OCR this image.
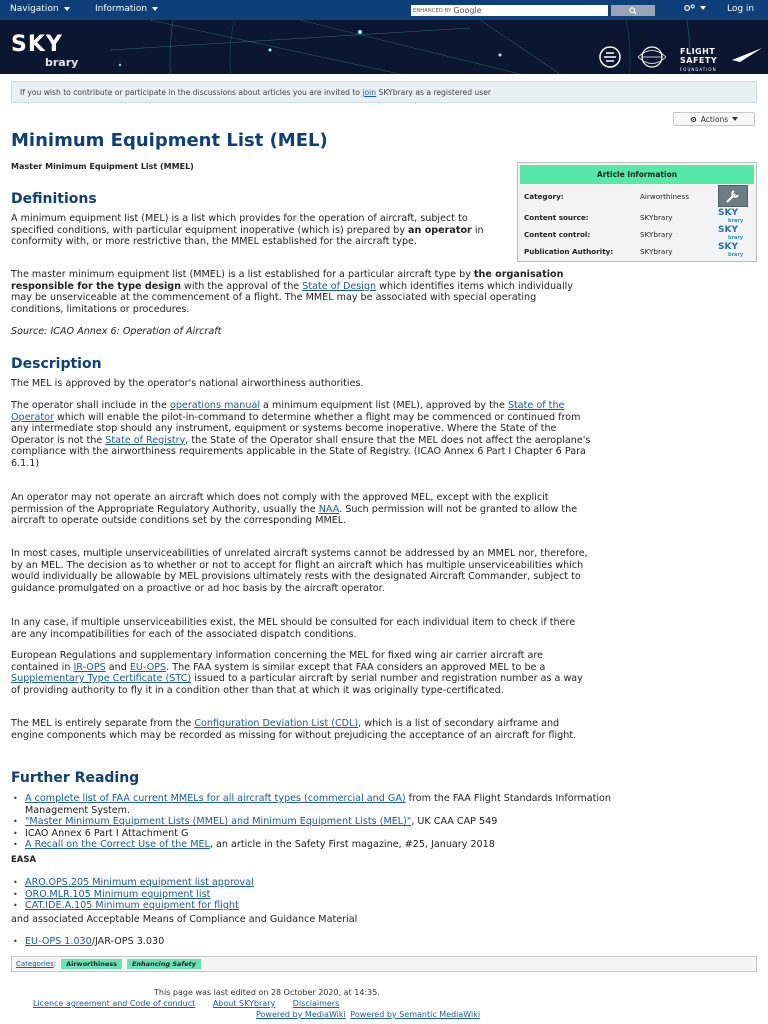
Navigation	Information	ENHANCED BY Google	Log in
SKY
brary
FLIGHT
SAFETY
FOUNDATION
If you wish to contribute or participate in the discussions about articles you are invited to join SKYbrary as a registered user
Actions
Minimum Equipment List (MEL)
Master Minimum Equipment List (MMEL)
Article Information
Category:	Airworthiness
Content source:	SKYbrary	SKY
brary
Content control:	SKYbrary	SKY
brary
Publication Authority:	SKYbrary	SKY
brary
Definitions
A minimum equipment list (MEL) is a list which provides for the operation of aircraft, subject to specified conditions, with particular equipment inoperative (which is) prepared by an operator in conformity with, or more restrictive than, the MMEL established for the aircraft type.
The master minimum equipment list (MMEL) is a list established for a particular aircraft type by the organisation responsible for the type design with the approval of the State of Design which identifies items which individually may be unserviceable at the commencement of a flight. The MMEL may be associated with special operating conditions, limitations or procedures.
Source: ICAO Annex 6: Operation of Aircraft
Description
The MEL is approved by the operator's national airworthiness authorities.
The operator shall include in the operations manual a minimum equipment list (MEL), approved by the State of the Operator which will enable the pilot-in-command to determine whether a flight may be commenced or continued from any intermediate stop should any instrument, equipment or systems become inoperative. Where the State of the Operator is not the State of Registry, the State of the Operator shall ensure that the MEL does not affect the aeroplane's compliance with the airworthiness requirements applicable in the State of Registry. (ICAO Annex 6 Part I Chapter 6 Para 6.1.1)
An operator may not operate an aircraft which does not comply with the approved MEL, except with the explicit permission of the Appropriate Regulatory Authority, usually the NAA. Such permission will not be granted to allow the aircraft to operate outside conditions set by the corresponding MMEL.
In most cases, multiple unserviceabilities of unrelated aircraft systems cannot be addressed by an MMEL nor, therefore, by an MEL. The decision as to whether or not to accept for flight an aircraft which has multiple unserviceabilities which would individually be allowable by MEL provisions ultimately rests with the designated Aircraft Commander, subject to guidance promulgated on a proactive or ad hoc basis by the aircraft operator.
In any case, if multiple unserviceabilities exist, the MEL should be consulted for each individual item to check if there are any incompatibilities for each of the associated dispatch conditions.
European Regulations and supplementary information concerning the MEL for fixed wing air carrier aircraft are contained in IR-OPS and EU-OPS. The FAA system is similar except that FAA considers an approved MEL to be a Supplementary Type Certificate (STC) issued to a particular aircraft by serial number and registration number as a way of providing authority to fly it in a condition other than that at which it was originally type-certificated.
The MEL is entirely separate from the Configuration Deviation List (CDL), which is a list of secondary airframe and engine components which may be recorded as missing for without prejudicing the acceptance of an aircraft for flight.
Further Reading
• A complete list of FAA current MMELs for all aircraft types (commercial and GA) from the FAA Flight Standards Information Management System.
• "Master Minimum Equipment Lists (MMEL) and Minimum Equipment Lists (MEL)", UK CAA CAP 549
• ICAO Annex 6 Part I Attachment G
• A Recall on the Correct Use of the MEL, an article in the Safety First magazine, #25, January 2018
EASA
• ARO.OPS.205 Minimum equipment list approval
• ORO.MLR.105 Minimum equipment list
• CAT.IDE.A.105 Minimum equipment for flight
and associated Acceptable Means of Compliance and Guidance Material
• EU-OPS 1.030/JAR-OPS 3.030
Categories:	Airworthiness	Enhancing Safety
This page was last edited on 28 October 2020, at 14:35.
Licence agreement and Code of conduct About SKYbrary Disclaimers
Powered by MediaWiki Powered by Semantic MediaWiki
